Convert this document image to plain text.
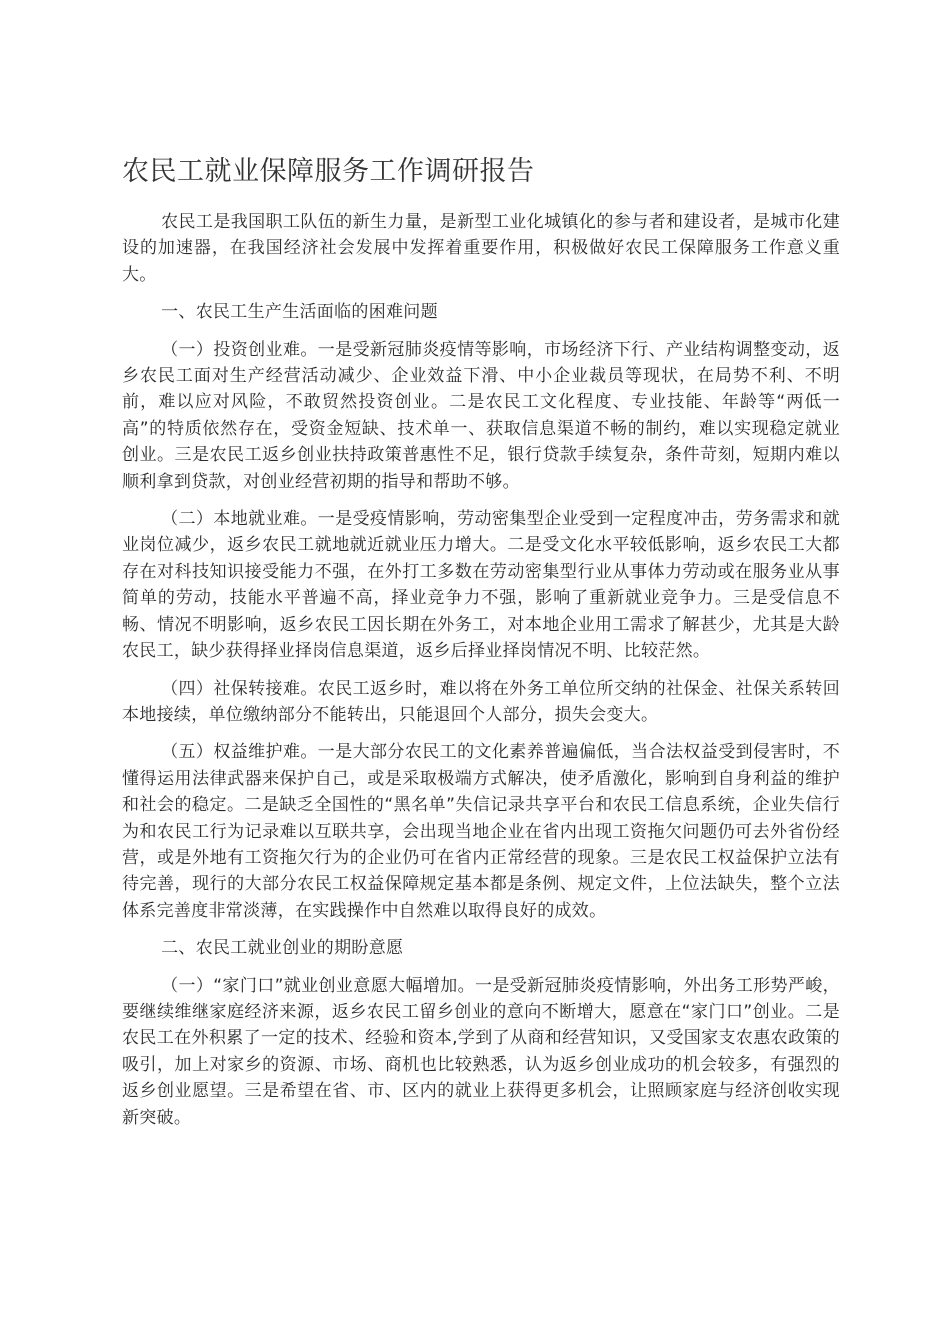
农民工就业保障服务工作调研报告

农民工是我国职工队伍的新生力量，是新型工业化城镇化的参与者和建设者，是城市化建设的加速器，在我国经济社会发展中发挥着重要作用，积极做好农民工保障服务工作意义重大。

一、农民工生产生活面临的困难问题

（一）投资创业难。一是受新冠肺炎疫情等影响，市场经济下行、产业结构调整变动，返乡农民工面对生产经营活动减少、企业效益下滑、中小企业裁员等现状，在局势不利、不明前，难以应对风险，不敢贸然投资创业。二是农民工文化程度、专业技能、年龄等“两低一高”的特质依然存在，受资金短缺、技术单一、获取信息渠道不畅的制约，难以实现稳定就业创业。三是农民工返乡创业扶持政策普惠性不足，银行贷款手续复杂，条件苛刻，短期内难以顺利拿到贷款，对创业经营初期的指导和帮助不够。

（二）本地就业难。一是受疫情影响，劳动密集型企业受到一定程度冲击，劳务需求和就业岗位减少，返乡农民工就地就近就业压力增大。二是受文化水平较低影响，返乡农民工大都存在对科技知识接受能力不强，在外打工多数在劳动密集型行业从事体力劳动或在服务业从事简单的劳动，技能水平普遍不高，择业竞争力不强，影响了重新就业竞争力。三是受信息不畅、情况不明影响，返乡农民工因长期在外务工，对本地企业用工需求了解甚少，尤其是大龄农民工，缺少获得择业择岗信息渠道，返乡后择业择岗情况不明、比较茫然。

（四）社保转接难。农民工返乡时，难以将在外务工单位所交纳的社保金、社保关系转回本地接续，单位缴纳部分不能转出，只能退回个人部分，损失会变大。

（五）权益维护难。一是大部分农民工的文化素养普遍偏低，当合法权益受到侵害时，不懂得运用法律武器来保护自己，或是采取极端方式解决，使矛盾激化，影响到自身利益的维护和社会的稳定。二是缺乏全国性的“黑名单”失信记录共享平台和农民工信息系统，企业失信行为和农民工行为记录难以互联共享，会出现当地企业在省内出现工资拖欠问题仍可去外省份经营，或是外地有工资拖欠行为的企业仍可在省内正常经营的现象。三是农民工权益保护立法有待完善，现行的大部分农民工权益保障规定基本都是条例、规定文件，上位法缺失，整个立法体系完善度非常淡薄，在实践操作中自然难以取得良好的成效。

二、农民工就业创业的期盼意愿

（一）“家门口”就业创业意愿大幅增加。一是受新冠肺炎疫情影响，外出务工形势严峻，要继续维继家庭经济来源，返乡农民工留乡创业的意向不断增大，愿意在“家门口”创业。二是农民工在外积累了一定的技术、经验和资本,学到了从商和经营知识，又受国家支农惠农政策的吸引，加上对家乡的资源、市场、商机也比较熟悉，认为返乡创业成功的机会较多，有强烈的返乡创业愿望。三是希望在省、市、区内的就业上获得更多机会，让照顾家庭与经济创收实现新突破。
